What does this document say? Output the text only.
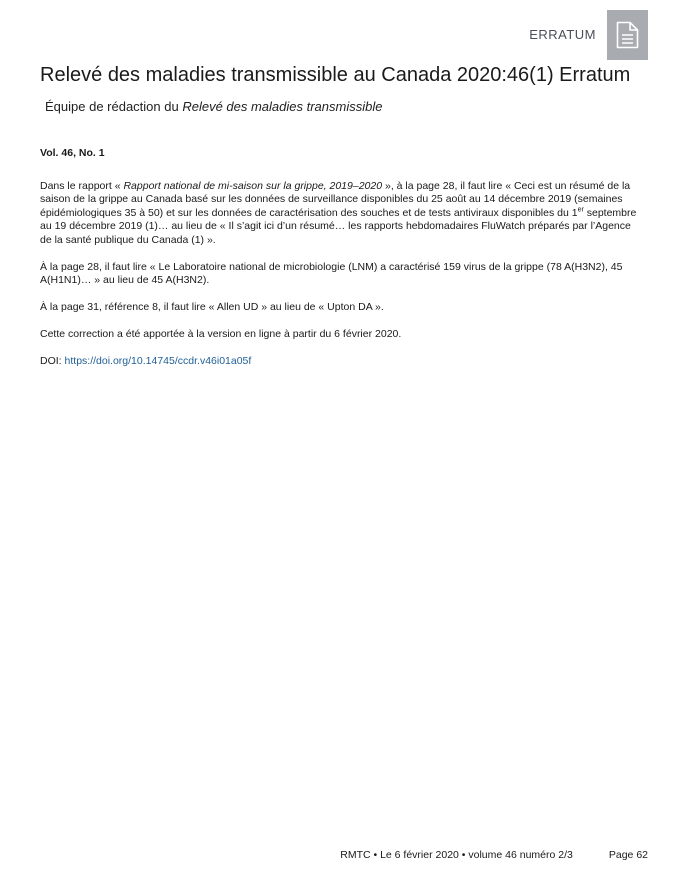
ERRATUM
Relevé des maladies transmissible au Canada 2020:46(1) Erratum
Équipe de rédaction du Relevé des maladies transmissible
Vol. 46, No. 1

Dans le rapport « Rapport national de mi-saison sur la grippe, 2019–2020 », à la page 28, il faut lire « Ceci est un résumé de la saison de la grippe au Canada basé sur les données de surveillance disponibles du 25 août au 14 décembre 2019 (semaines épidémiologiques 35 à 50) et sur les données de caractérisation des souches et de tests antiviraux disponibles du 1er septembre au 19 décembre 2019 (1)… au lieu de « Il s’agit ici d’un résumé… les rapports hebdomadaires FluWatch préparés par l’Agence de la santé publique du Canada (1) ».

À la page 28, il faut lire « Le Laboratoire national de microbiologie (LNM) a caractérisé 159 virus de la grippe (78 A(H3N2), 45 A(H1N1)… » au lieu de 45 A(H3N2).

À la page 31, référence 8, il faut lire « Allen UD » au lieu de « Upton DA ».

Cette correction a été apportée à la version en ligne à partir du 6 février 2020.

DOI: https://doi.org/10.14745/ccdr.v46i01a05f

RMTC • Le 6 février 2020 • volume 46 numéro 2/3	Page 62
